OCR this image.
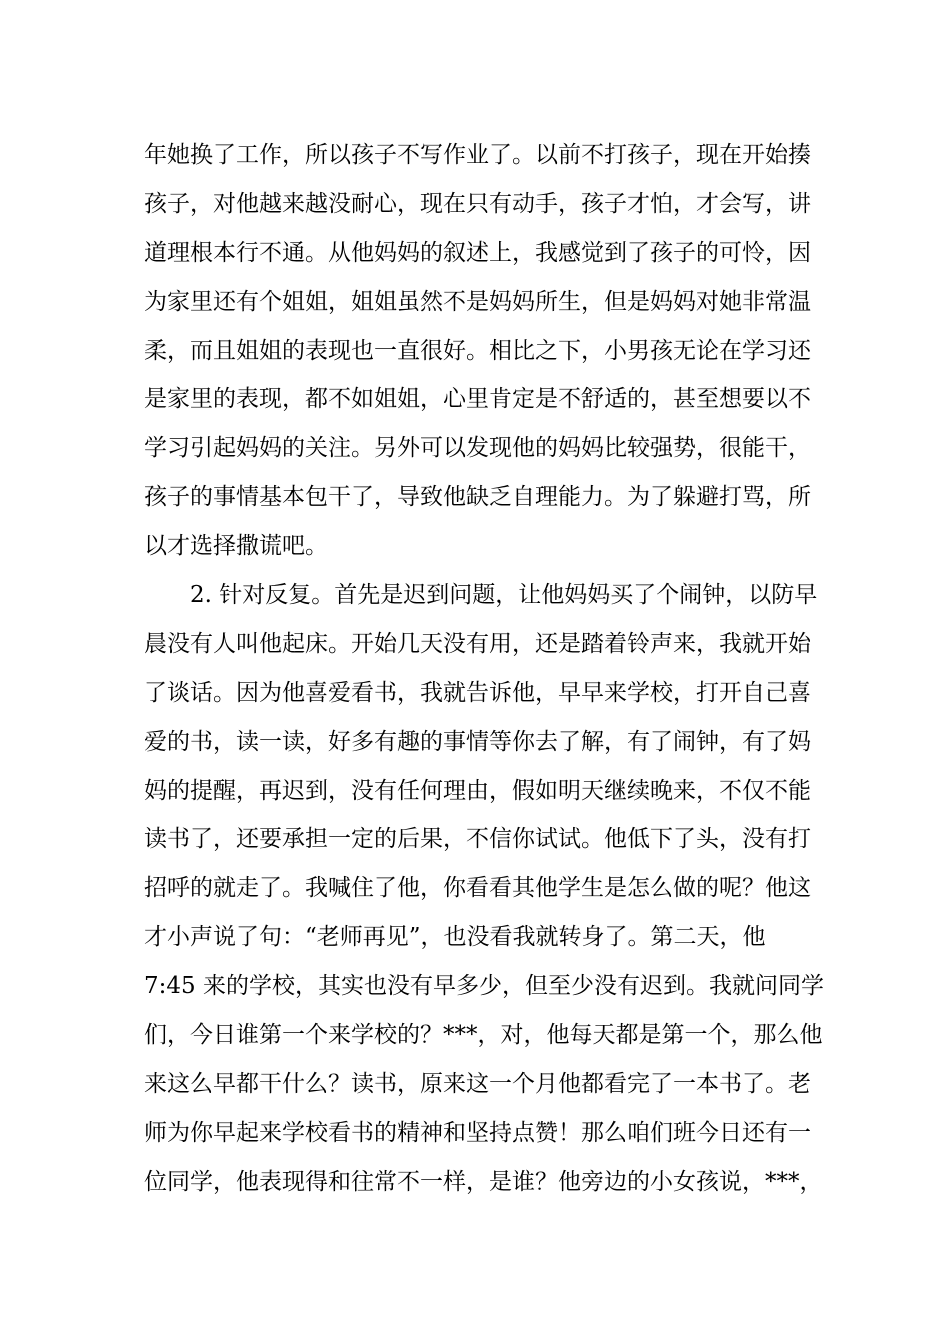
年她换了工作，所以孩子不写作业了。以前不打孩子，现在开始揍
孩子，对他越来越没耐心，现在只有动手，孩子才怕，才会写，讲
道理根本行不通。从他妈妈的叙述上，我感觉到了孩子的可怜，因
为家里还有个姐姐，姐姐虽然不是妈妈所生，但是妈妈对她非常温
柔，而且姐姐的表现也一直很好。相比之下，小男孩无论在学习还
是家里的表现，都不如姐姐，心里肯定是不舒适的，甚至想要以不
学习引起妈妈的关注。另外可以发现他的妈妈比较强势，很能干，
孩子的事情基本包干了，导致他缺乏自理能力。为了躲避打骂，所
以才选择撒谎吧。
2. 针对反复。首先是迟到问题，让他妈妈买了个闹钟，以防早
晨没有人叫他起床。开始几天没有用，还是踏着铃声来，我就开始
了谈话。因为他喜爱看书，我就告诉他，早早来学校，打开自己喜
爱的书，读一读，好多有趣的事情等你去了解，有了闹钟，有了妈
妈的提醒，再迟到，没有任何理由，假如明天继续晚来，不仅不能
读书了，还要承担一定的后果，不信你试试。他低下了头，没有打
招呼的就走了。我喊住了他，你看看其他学生是怎么做的呢？他这
才小声说了句：“老师再见”，也没看我就转身了。第二天，他
7:45 来的学校，其实也没有早多少，但至少没有迟到。我就问同学
们，今日谁第一个来学校的？***，对，他每天都是第一个，那么他
来这么早都干什么？读书，原来这一个月他都看完了一本书了。老
师为你早起来学校看书的精神和坚持点赞！那么咱们班今日还有一
位同学，他表现得和往常不一样，是谁？他旁边的小女孩说，***，
